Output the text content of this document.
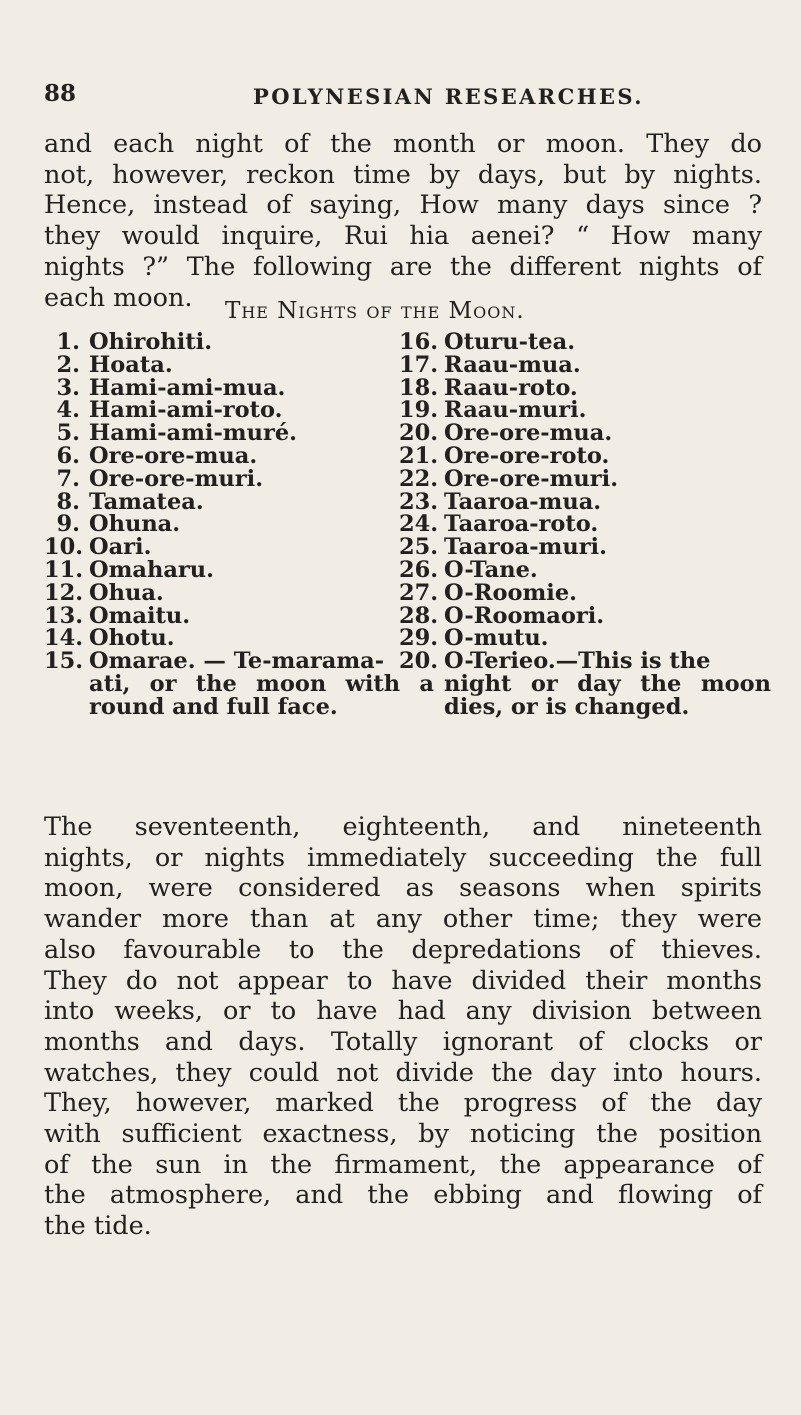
88	POLYNESIAN RESEARCHES.

and each night of the month or moon. They do
not, however, reckon time by days, but by nights.
Hence, instead of saying, How many days since ?
they would inquire, Rui hia aenei? “ How many
nights ?” The following are the different nights of
each moon.	The Nights of the Moon.
1. Ohirohiti.
2. Hoata.
3. Hami-ami-mua.
4. Hami-ami-roto.
5. Hami-ami-muré.
6. Ore-ore-mua.
7. Ore-ore-muri.
8. Tamatea.
9. Ohuna.
10. Oari.
11. Omaharu.
12. Ohua.
13. Omaitu.
14. Ohotu.
15. Omarae. — Te-marama-
ati, or the moon with a round and full face.
16. Oturu-tea.
17. Raau-mua.
18. Raau-roto.
19. Raau-muri.
20. Ore-ore-mua.
21. Ore-ore-roto.
22. Ore-ore-muri.
23. Taaroa-mua.
24. Taaroa-roto.
25. Taaroa-muri.
26. O-Tane.
27. O-Roomie.
28. O-Roomaori.
29. O-mutu.
20. O-Terieo.—This is the
night or day the moon dies, or is changed.

The seventeenth, eighteenth, and nineteenth
nights, or nights immediately succeeding the full
moon, were considered as seasons when spirits
wander more than at any other time; they were
also favourable to the depredations of thieves.
They do not appear to have divided their months
into weeks, or to have had any division between
months and days. Totally ignorant of clocks or
watches, they could not divide the day into hours.
They, however, marked the progress of the day
with sufficient exactness, by noticing the position
of the sun in the firmament, the appearance of
the atmosphere, and the ebbing and flowing of
the tide.
